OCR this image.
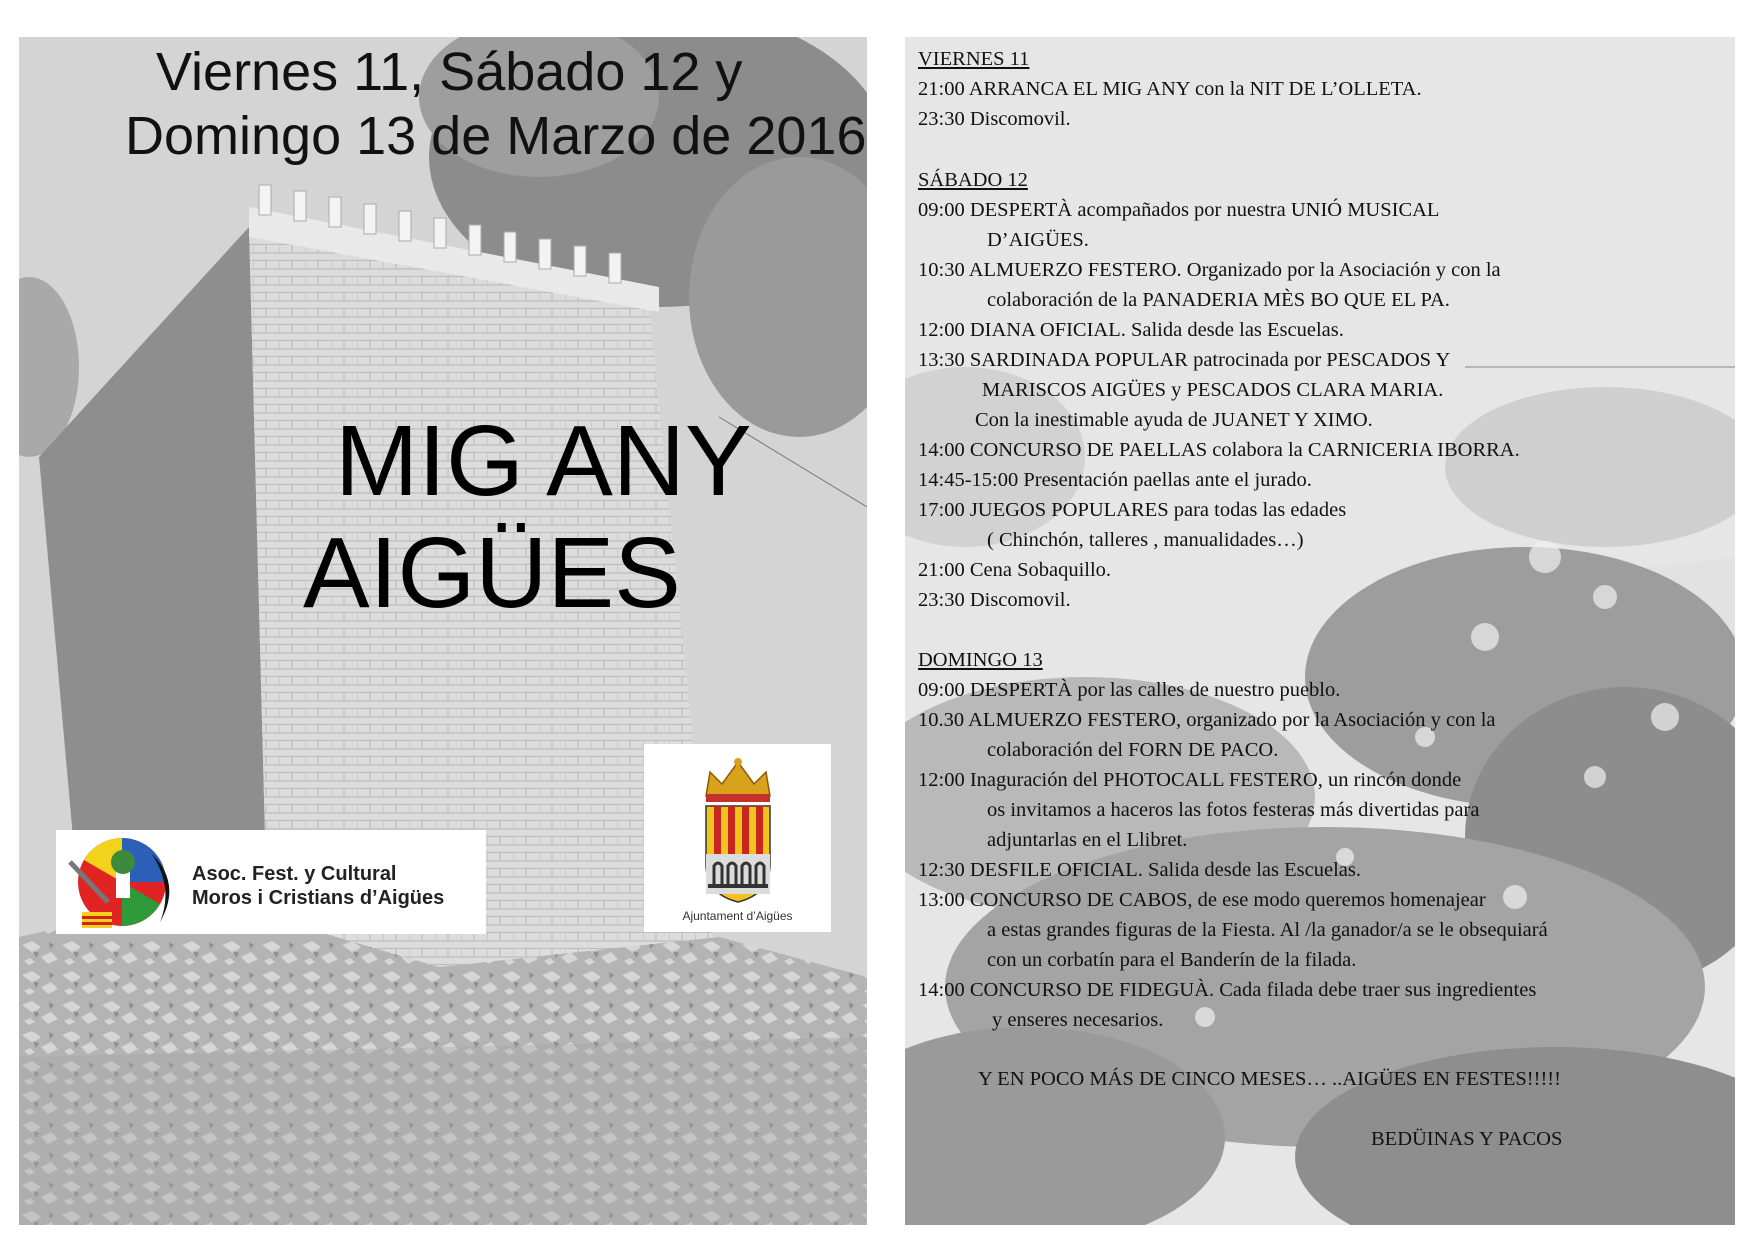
Viernes 11, Sábado 12 y
Domingo 13 de Marzo de 2016
MIG ANY
AIGÜES
Asoc. Fest. y Cultural
Moros i Cristians d’Aigües
Ajuntament d’Aigües
VIERNES 11
21:00 ARRANCA EL MIG ANY con la NIT DE L’OLLETA.
23:30 Discomovil.
SÁBADO 12
09:00 DESPERTÀ acompañados por nuestra UNIÓ MUSICAL
D’AIGÜES.
10:30 ALMUERZO FESTERO. Organizado por la Asociación y con la
colaboración de la PANADERIA MÈS BO QUE EL PA.
12:00 DIANA OFICIAL. Salida desde las Escuelas.
13:30 SARDINADA POPULAR patrocinada por PESCADOS Y
MARISCOS AIGÜES y PESCADOS CLARA MARIA.
Con la inestimable ayuda de JUANET Y XIMO.
14:00 CONCURSO DE PAELLAS colabora la CARNICERIA IBORRA.
14:45-15:00 Presentación paellas ante el jurado.
17:00 JUEGOS POPULARES para todas las edades
( Chinchón, talleres , manualidades…)
21:00 Cena Sobaquillo.
23:30 Discomovil.
DOMINGO 13
09:00 DESPERTÀ por las calles de nuestro pueblo.
10.30 ALMUERZO FESTERO, organizado por la Asociación y con la
colaboración del FORN DE PACO.
12:00 Inaguración del PHOTOCALL FESTERO, un rincón donde
os invitamos a haceros las fotos festeras más divertidas para
adjuntarlas en el Llibret.
12:30 DESFILE OFICIAL. Salida desde las Escuelas.
13:00 CONCURSO DE CABOS, de ese modo queremos homenajear
a estas grandes figuras de la Fiesta. Al /la ganador/a se le obsequiará
con un corbatín para el Banderín de la filada.
14:00 CONCURSO DE FIDEGUÀ. Cada filada debe traer sus ingredientes
y enseres necesarios.
Y EN POCO MÁS DE CINCO MESES… ..AIGÜES EN FESTES!!!!!
BEDÜINAS Y PACOS
